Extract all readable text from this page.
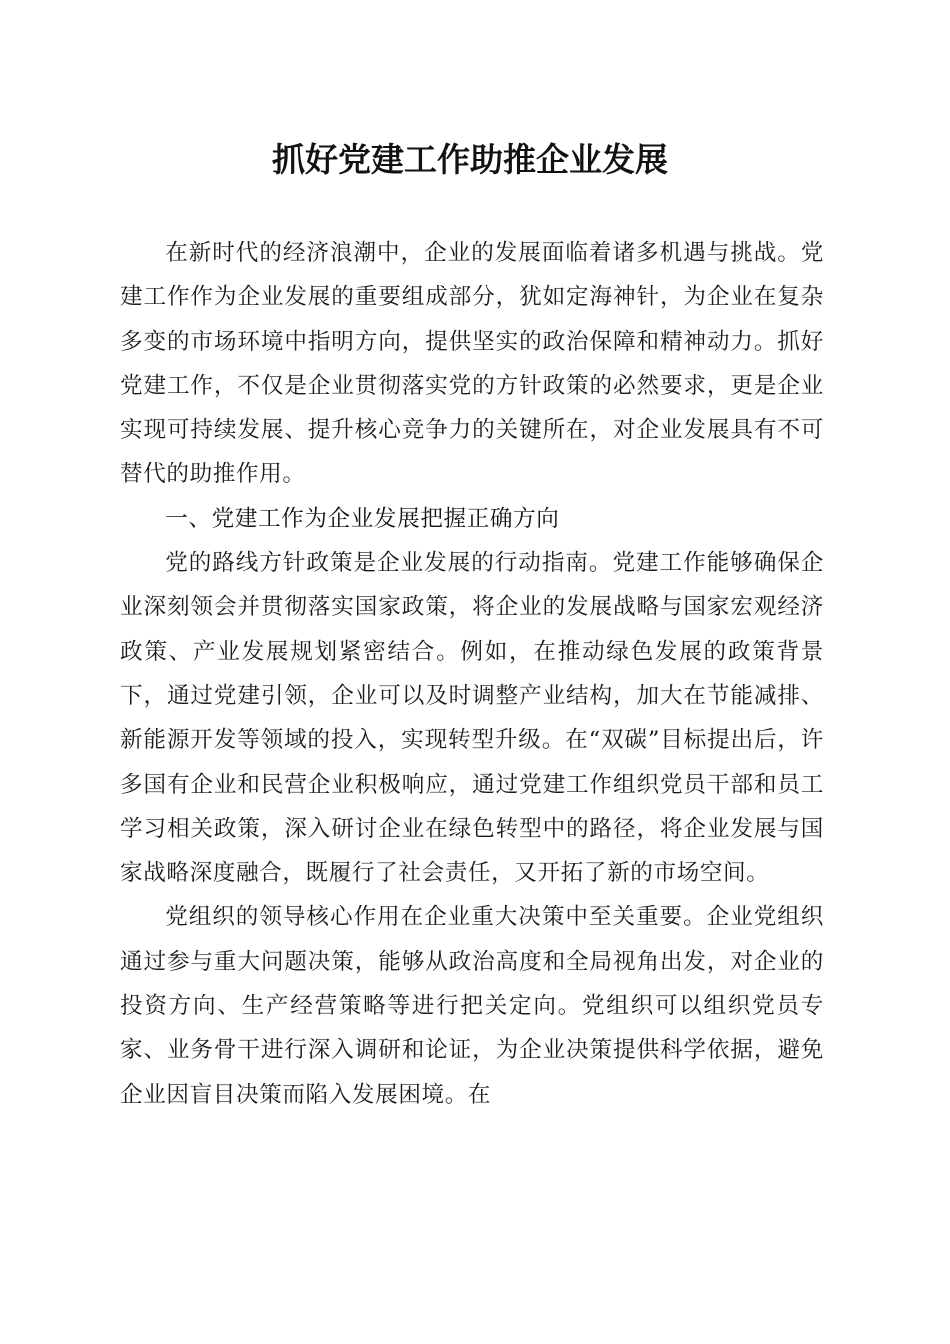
抓好党建工作助推企业发展

在新时代的经济浪潮中，企业的发展面临着诸多机遇与挑战。党建工作作为企业发展的重要组成部分，犹如定海神针，为企业在复杂多变的市场环境中指明方向，提供坚实的政治保障和精神动力。抓好党建工作，不仅是企业贯彻落实党的方针政策的必然要求，更是企业实现可持续发展、提升核心竞争力的关键所在，对企业发展具有不可替代的助推作用。

一、党建工作为企业发展把握正确方向

党的路线方针政策是企业发展的行动指南。党建工作能够确保企业深刻领会并贯彻落实国家政策，将企业的发展战略与国家宏观经济政策、产业发展规划紧密结合。例如，在推动绿色发展的政策背景下，通过党建引领，企业可以及时调整产业结构，加大在节能减排、新能源开发等领域的投入，实现转型升级。在“双碳”目标提出后，许多国有企业和民营企业积极响应，通过党建工作组织党员干部和员工学习相关政策，深入研讨企业在绿色转型中的路径，将企业发展与国家战略深度融合，既履行了社会责任，又开拓了新的市场空间。

党组织的领导核心作用在企业重大决策中至关重要。企业党组织通过参与重大问题决策，能够从政治高度和全局视角出发，对企业的投资方向、生产经营策略等进行把关定向。党组织可以组织党员专家、业务骨干进行深入调研和论证，为企业决策提供科学依据，避免企业因盲目决策而陷入发展困境。在
